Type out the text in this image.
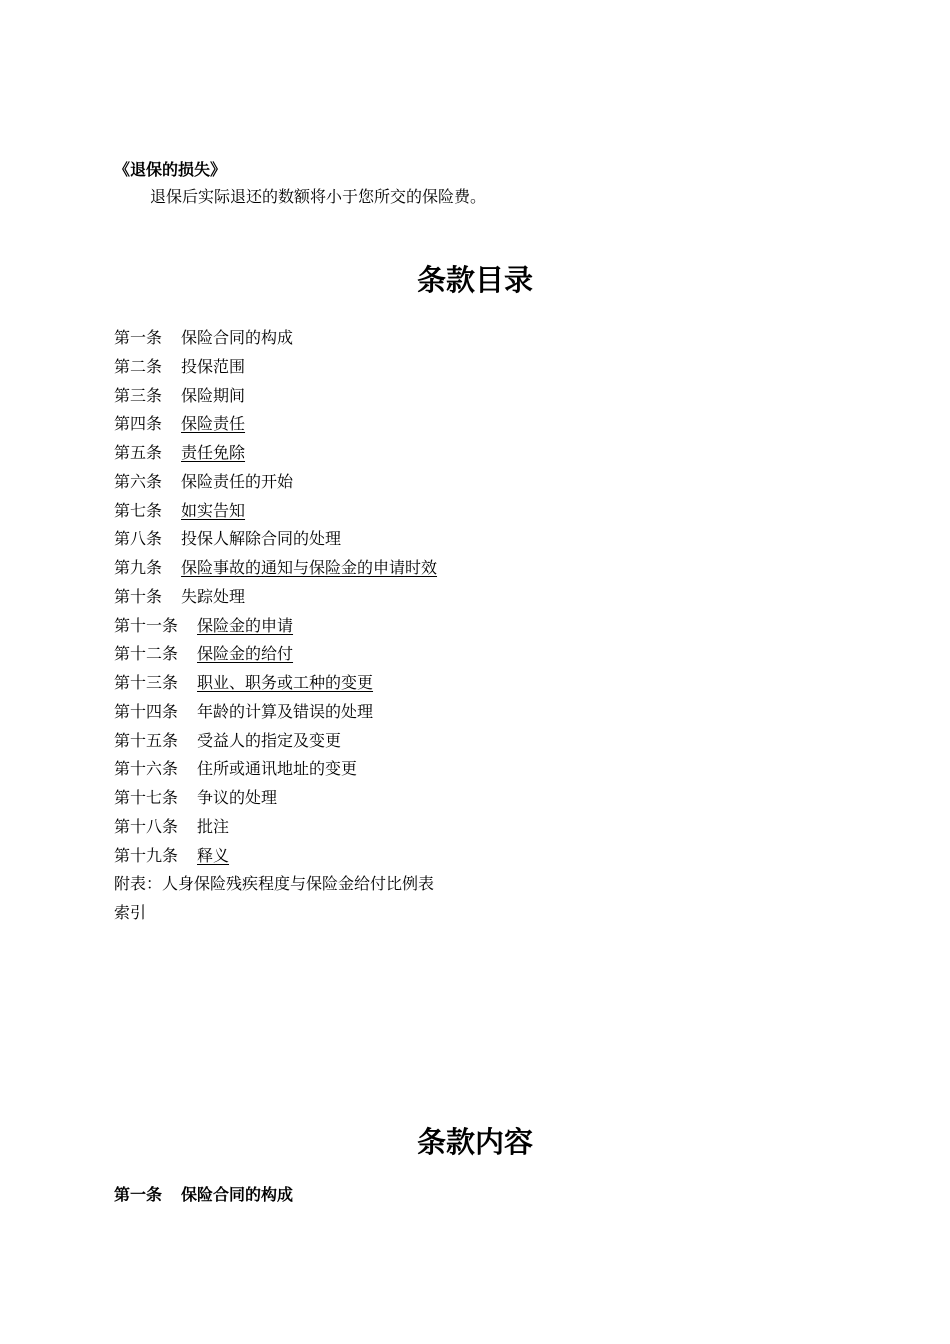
《退保的损失》
退保后实际退还的数额将小于您所交的保险费。
条款目录
第一条 保险合同的构成
第二条 投保范围
第三条 保险期间
第四条 保险责任
第五条 责任免除
第六条 保险责任的开始
第七条 如实告知
第八条 投保人解除合同的处理
第九条 保险事故的通知与保险金的申请时效
第十条 失踪处理
第十一条 保险金的申请
第十二条 保险金的给付
第十三条 职业、职务或工种的变更
第十四条 年龄的计算及错误的处理
第十五条 受益人的指定及变更
第十六条 住所或通讯地址的变更
第十七条 争议的处理
第十八条 批注
第十九条 释义
附表：人身保险残疾程度与保险金给付比例表
索引
条款内容
第一条 保险合同的构成
